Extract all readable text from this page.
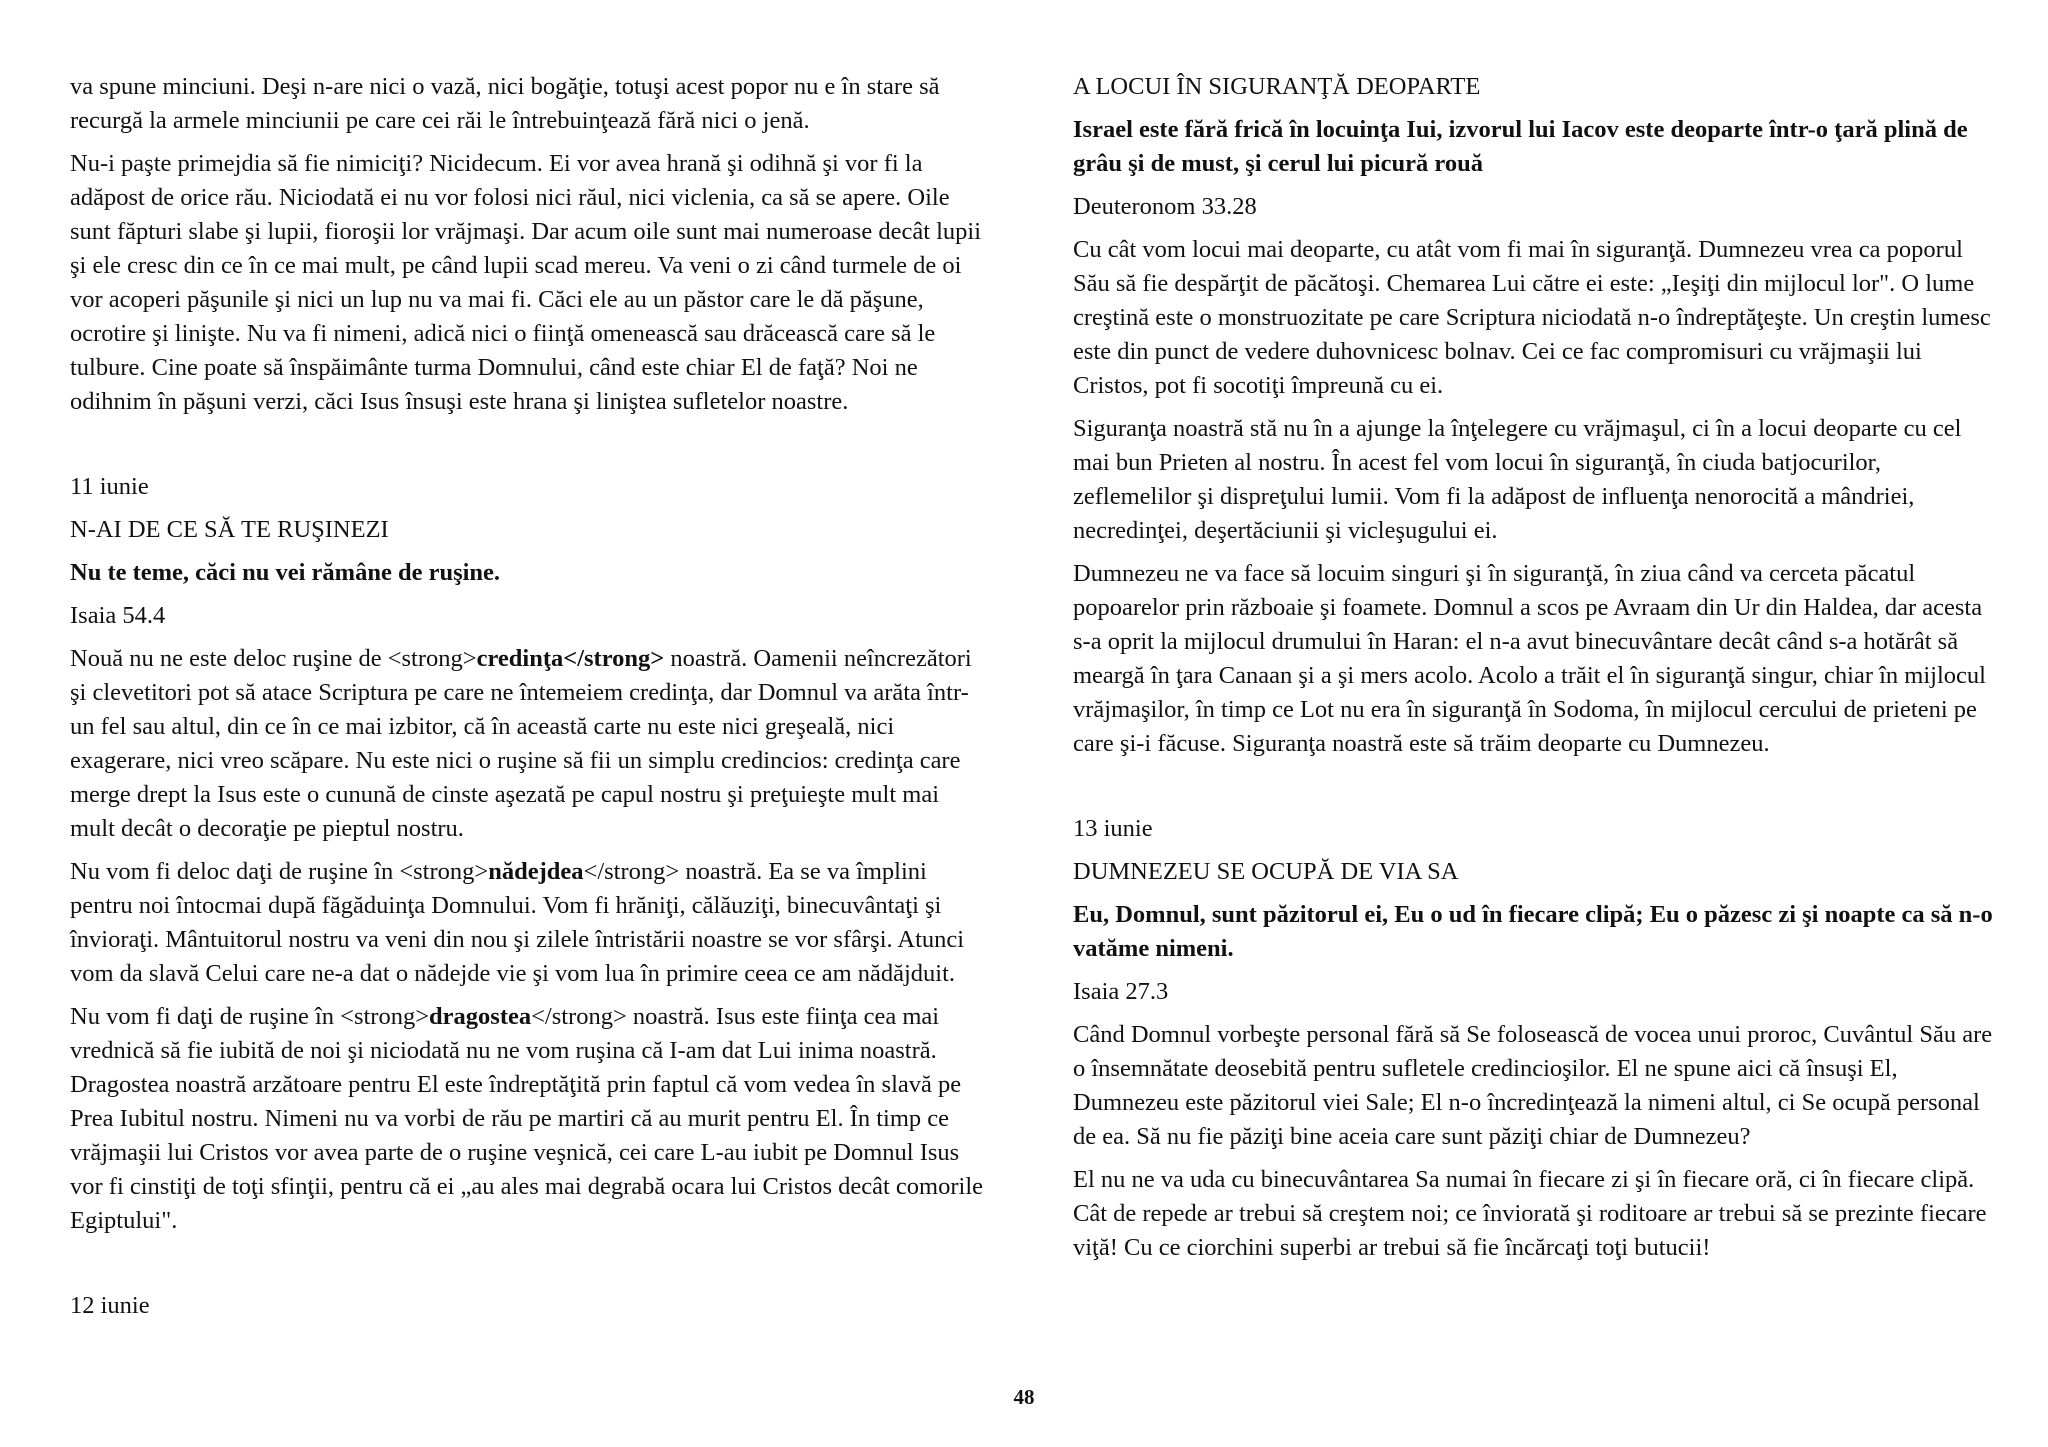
va spune minciuni. Deşi n-are nici o vază, nici bogăţie, totuşi acest popor nu e în stare să recurgă la armele minciunii pe care cei răi le întrebuinţează fără nici o jenă.

Nu-i paşte primejdia să fie nimiciţi? Nicidecum. Ei vor avea hrană şi odihnă şi vor fi la adăpost de orice rău. Niciodată ei nu vor folosi nici răul, nici viclenia, ca să se apere. Oile sunt făpturi slabe şi lupii, fioroşii lor vrăjmaşi. Dar acum oile sunt mai numeroase decât lupii şi ele cresc din ce în ce mai mult, pe când lupii scad mereu. Va veni o zi când turmele de oi vor acoperi păşunile şi nici un lup nu va mai fi. Căci ele au un păstor care le dă păşune, ocrotire şi linişte. Nu va fi nimeni, adică nici o fiinţă omenească sau drăcească care să le tulbure. Cine poate să înspăimânte turma Domnului, când este chiar El de faţă? Noi ne odihnim în păşuni verzi, căci Isus însuşi este hrana şi liniştea sufletelor noastre.

11 iunie

N-AI DE CE SĂ TE RUŞINEZI

Nu te teme, căci nu vei rămâne de ruşine.

Isaia 54.4

Nouă nu ne este deloc ruşine de <strong>credinţa</strong> noastră. Oamenii neîncrezători şi clevetitori pot să atace Scriptura pe care ne întemeiem credinţa, dar Domnul va arăta într-un fel sau altul, din ce în ce mai izbitor, că în această carte nu este nici greşeală, nici exagerare, nici vreo scăpare. Nu este nici o ruşine să fii un simplu credincios: credinţa care merge drept la Isus este o cunună de cinste aşezată pe capul nostru şi preţuieşte mult mai mult decât o decoraţie pe pieptul nostru.

Nu vom fi deloc daţi de ruşine în <strong>nădejdea</strong> noastră. Ea se va împlini pentru noi întocmai după făgăduinţa Domnului. Vom fi hrăniţi, călăuziţi, binecuvântaţi şi învioraţi. Mântuitorul nostru va veni din nou şi zilele întristării noastre se vor sfârşi. Atunci vom da slavă Celui care ne-a dat o nădejde vie şi vom lua în primire ceea ce am nădăjduit.

Nu vom fi daţi de ruşine în <strong>dragostea</strong> noastră. Isus este fiinţa cea mai vrednică să fie iubită de noi şi niciodată nu ne vom ruşina că I-am dat Lui inima noastră. Dragostea noastră arzătoare pentru El este îndreptăţită prin faptul că vom vedea în slavă pe Prea Iubitul nostru. Nimeni nu va vorbi de rău pe martiri că au murit pentru El. În timp ce vrăjmaşii lui Cristos vor avea parte de o ruşine veşnică, cei care L-au iubit pe Domnul Isus vor fi cinstiţi de toţi sfinţii, pentru că ei „au ales mai degrabă ocara lui Cristos decât comorile Egiptului".

12 iunie

A LOCUI ÎN SIGURANŢĂ DEOPARTE

Israel este fără frică în locuinţa Iui, izvorul lui Iacov este deoparte într-o ţară plină de grâu şi de must, şi cerul lui picură rouă

Deuteronom 33.28

Cu cât vom locui mai deoparte, cu atât vom fi mai în siguranţă. Dumnezeu vrea ca poporul Său să fie despărţit de păcătoşi. Chemarea Lui către ei este: „Ieşiţi din mijlocul lor". O lume creştină este o monstruozitate pe care Scriptura niciodată n-o îndreptăţeşte. Un creştin lumesc este din punct de vedere duhovnicesc bolnav. Cei ce fac compromisuri cu vrăjmaşii lui Cristos, pot fi socotiţi împreună cu ei.

Siguranţa noastră stă nu în a ajunge la înţelegere cu vrăjmaşul, ci în a locui deoparte cu cel mai bun Prieten al nostru. În acest fel vom locui în siguranţă, în ciuda batjocurilor, zeflemelilor şi dispreţului lumii. Vom fi la adăpost de influenţa nenorocită a mândriei, necredinţei, deşertăciunii şi vicleşugului ei.

Dumnezeu ne va face să locuim singuri şi în siguranţă, în ziua când va cerceta păcatul popoarelor prin războaie şi foamete. Domnul a scos pe Avraam din Ur din Haldea, dar acesta s-a oprit la mijlocul drumului în Haran: el n-a avut binecuvântare decât când s-a hotărât să meargă în ţara Canaan şi a şi mers acolo. Acolo a trăit el în siguranţă singur, chiar în mijlocul vrăjmaşilor, în timp ce Lot nu era în siguranţă în Sodoma, în mijlocul cercului de prieteni pe care şi-i făcuse. Siguranţa noastră este să trăim deoparte cu Dumnezeu.

13 iunie

DUMNEZEU SE OCUPĂ DE VIA SA

Eu, Domnul, sunt păzitorul ei, Eu o ud în fiecare clipă; Eu o păzesc zi şi noapte ca să n-o vatăme nimeni.

Isaia 27.3

Când Domnul vorbeşte personal fără să Se folosească de vocea unui proroc, Cuvântul Său are o însemnătate deosebită pentru sufletele credincioşilor. El ne spune aici că însuşi El, Dumnezeu este păzitorul viei Sale; El n-o încredinţează la nimeni altul, ci Se ocupă personal de ea. Să nu fie păziţi bine aceia care sunt păziţi chiar de Dumnezeu?

El nu ne va uda cu binecuvântarea Sa numai în fiecare zi şi în fiecare oră, ci în fiecare clipă. Cât de repede ar trebui să creştem noi; ce înviorată şi roditoare ar trebui să se prezinte fiecare viţă! Cu ce ciorchini superbi ar trebui să fie încărcaţi toţi butucii!

48
